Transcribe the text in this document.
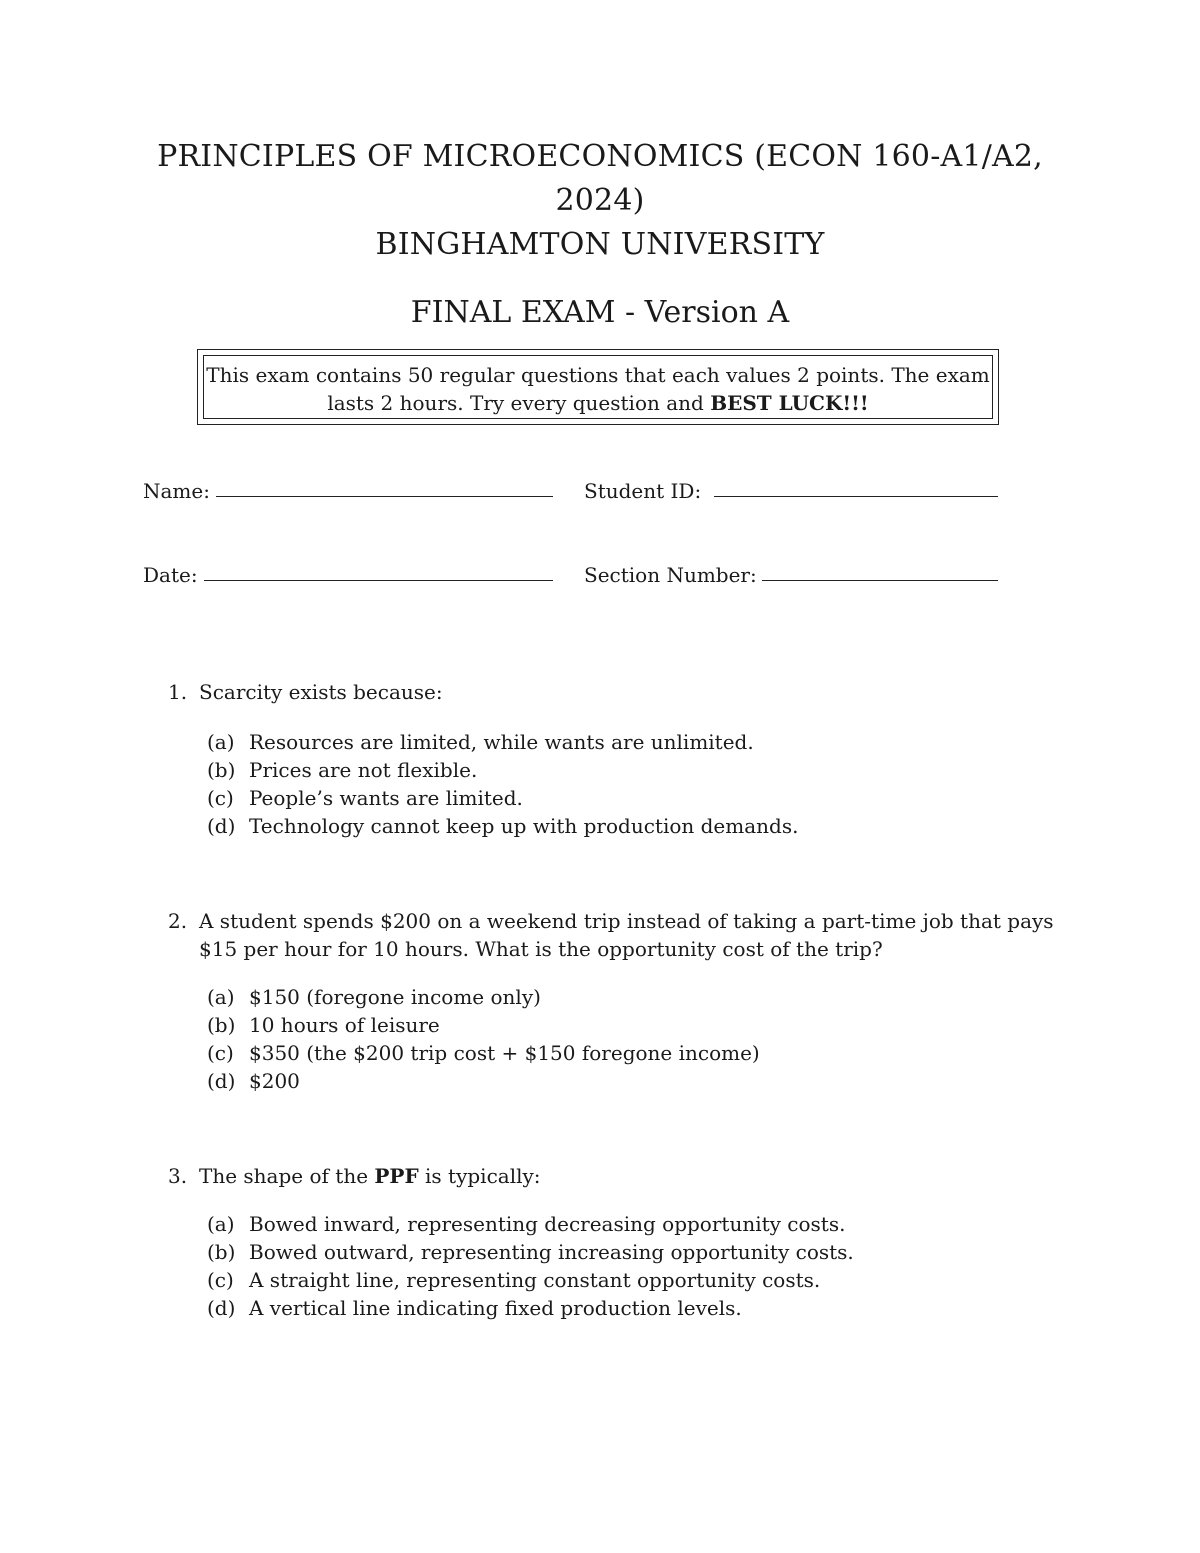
PRINCIPLES OF MICROECONOMICS (ECON 160-A1/A2,
2024)
BINGHAMTON UNIVERSITY
FINAL EXAM - Version A
This exam contains 50 regular questions that each values 2 points. The exam
lasts 2 hours. Try every question and BEST LUCK!!!
Name:	Student ID:
Date:	Section Number:
1. Scarcity exists because:
(a) Resources are limited, while wants are unlimited.
(b) Prices are not flexible.
(c) People’s wants are limited.
(d) Technology cannot keep up with production demands.
2. A student spends $200 on a weekend trip instead of taking a part-time job that pays $15 per hour for 10 hours. What is the opportunity cost of the trip?
(a) $150 (foregone income only)
(b) 10 hours of leisure
(c) $350 (the $200 trip cost + $150 foregone income)
(d) $200
3. The shape of the PPF is typically:
(a) Bowed inward, representing decreasing opportunity costs.
(b) Bowed outward, representing increasing opportunity costs.
(c) A straight line, representing constant opportunity costs.
(d) A vertical line indicating fixed production levels.
